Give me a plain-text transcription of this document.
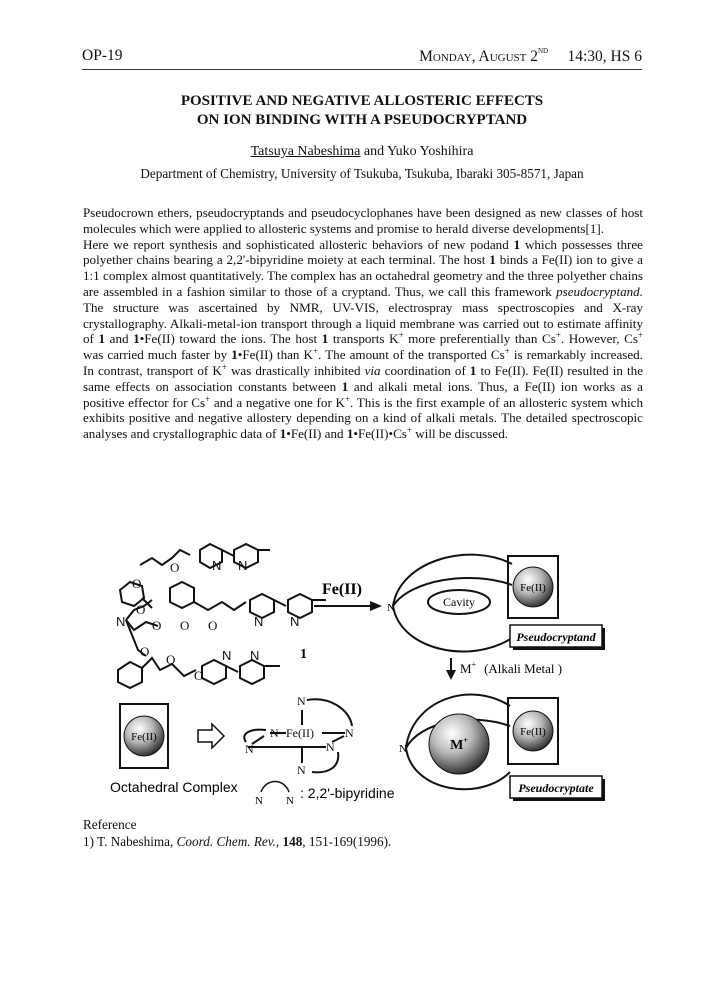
OP-19	Monday, August 2ND 14:30, HS 6
POSITIVE AND NEGATIVE ALLOSTERIC EFFECTS
ON ION BINDING WITH A PSEUDOCRYPTAND
Tatsuya Nabeshima and Yuko Yoshihira
Department of Chemistry, University of Tsukuba, Tsukuba, Ibaraki 305-8571, Japan

Pseudocrown ethers, pseudocryptands and pseudocyclophanes have been designed as new classes of host molecules which were applied to allosteric systems and promise to herald diverse developments[1].

Here we report synthesis and sophisticated allosteric behaviors of new podand 1 which possesses three polyether chains bearing a 2,2'-bipyridine moiety at each terminal. The host 1 binds a Fe(II) ion to give a 1:1 complex almost quantitatively. The complex has an octahedral geometry and the three polyether chains are assembled in a fashion similar to those of a cryptand. Thus, we call this framework pseudocryptand. The structure was ascertained by NMR, UV-VIS, electrospray mass spectroscopies and X-ray crystallography. Alkali-metal-ion transport through a liquid membrane was carried out to estimate affinity of 1 and 1•Fe(II) toward the ions. The host 1 transports K+ more preferentially than Cs+. However, Cs+ was carried much faster by 1•Fe(II) than K+. The amount of the transported Cs+ is remarkably increased. In contrast, transport of K+ was drastically inhibited via coordination of 1 to Fe(II). Fe(II) resulted in the same effects on association constants between 1 and alkali metal ions. Thus, a Fe(II) ion works as a positive effector for Cs+ and a negative one for K+. This is the first example of an allosteric system which exhibits positive and negative allostery depending on a kind of alkali metals. The detailed spectroscopic analyses and crystallographic data of 1•Fe(II) and 1•Fe(II)•Cs+ will be discussed.

N N
O
O
O
N O O O	N N
O
O
O
N N	1
Fe(II)
N	Cavity
Fe(II)
Pseudocryptand
M+ (Alkali Metal )
M+
N
Fe(II)
Pseudocryptate
Fe(II)
N
N	N
N	N
N
Fe(II)
Octahedral Complex
N N : 2,2'-bipyridine
Reference
1) T. Nabeshima, Coord. Chem. Rev., 148, 151-169(1996).
